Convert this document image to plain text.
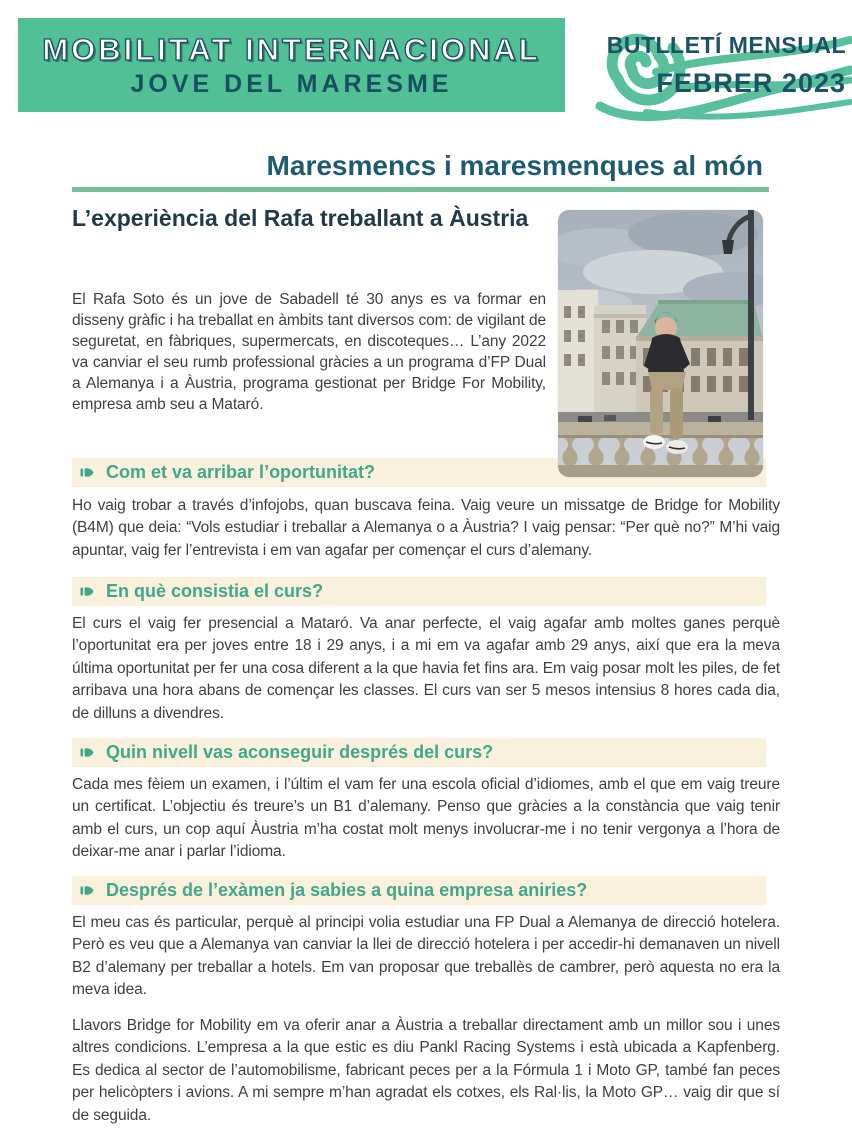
MOBILITAT INTERNACIONAL
JOVE DEL MARESME
BUTLLETÍ MENSUAL
FEBRER 2023
Maresmencs i maresmenques al món
L’experiència del Rafa treballant a Àustria
El Rafa Soto és un jove de Sabadell té 30 anys es va formar en disseny gràfic i ha treballat en àmbits tant diversos com: de vigilant de seguretat, en fàbriques, supermercats, en discoteques… L’any 2022 va canviar el seu rumb professional gràcies a un programa d’FP Dual a Alemanya i a Àustria, programa gestionat per Bridge For Mobility, empresa amb seu a Mataró.
Com et va arribar l’oportunitat?
Ho vaig trobar a través d’infojobs, quan buscava feina. Vaig veure un missatge de Bridge for Mobility (B4M) que deia: “Vols estudiar i treballar a Alemanya o a Àustria? I vaig pensar: “Per què no?” M’hi vaig apuntar, vaig fer l’entrevista i em van agafar per començar el curs d’alemany.
En què consistia el curs?
El curs el vaig fer presencial a Mataró. Va anar perfecte, el vaig agafar amb moltes ganes perquè l’oportunitat era per joves entre 18 i 29 anys, i a mi em va agafar amb 29 anys, així que era la meva última oportunitat per fer una cosa diferent a la que havia fet fins ara. Em vaig posar molt les piles, de fet arribava una hora abans de començar les classes. El curs van ser 5 mesos intensius 8 hores cada dia, de dilluns a divendres.
Quin nivell vas aconseguir després del curs?
Cada mes fèiem un examen, i l’últim el vam fer una escola oficial d’idiomes, amb el que em vaig treure un certificat. L’objectiu és treure’s un B1 d’alemany. Penso que gràcies a la constància que vaig tenir amb el curs, un cop aquí Àustria m’ha costat molt menys involucrar-me i no tenir vergonya a l’hora de deixar-me anar i parlar l’idioma.
Després de l’exàmen ja sabies a quina empresa aniries?
El meu cas és particular, perquè al principi volia estudiar una FP Dual a Alemanya de direcció hotelera. Però es veu que a Alemanya van canviar la llei de direcció hotelera i per accedir-hi demanaven un nivell B2 d’alemany per treballar a hotels. Em van proposar que treballès de cambrer, però aquesta no era la meva idea.
Llavors Bridge for Mobility em va oferir anar a Àustria a treballar directament amb un millor sou i unes altres condicions. L’empresa a la que estic es diu Pankl Racing Systems i està ubicada a Kapfenberg. Es dedica al sector de l’automobilisme, fabricant peces per a la Fórmula 1 i Moto GP, també fan peces per helicòpters i avions. A mi sempre m’han agradat els cotxes, els Ral·lis, la Moto GP… vaig dir que sí de seguida.
